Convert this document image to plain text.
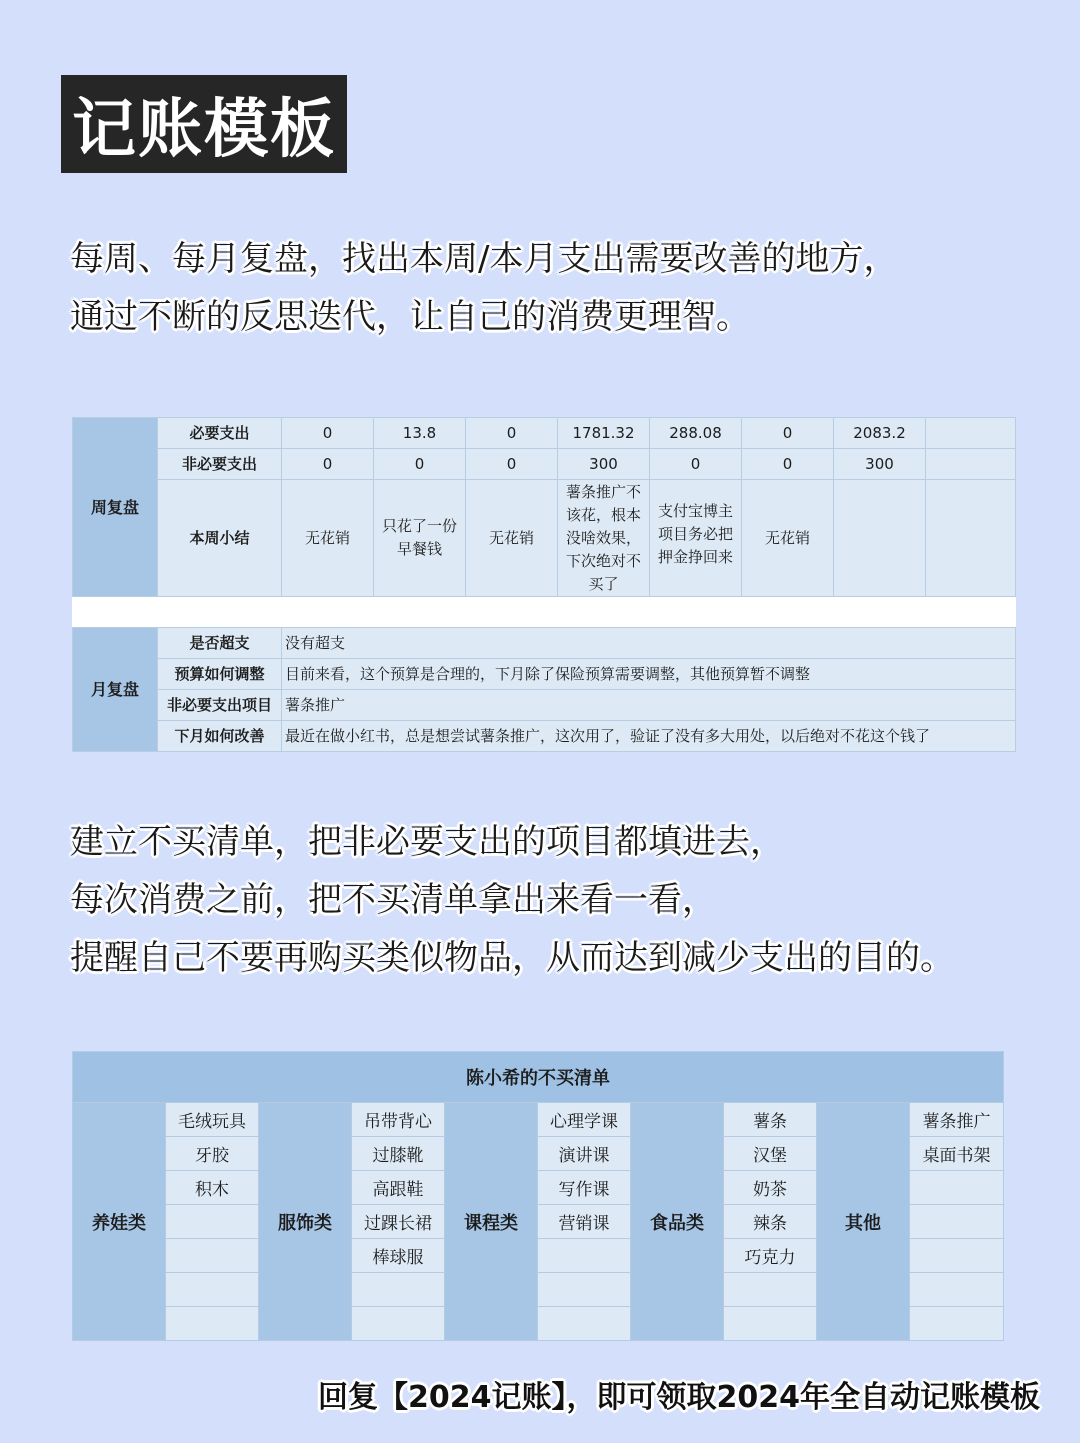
记账模板
每周、每月复盘，找出本周/本月支出需要改善的地方，
通过不断的反思迭代，让自己的消费更理智。
周复盘	必要支出	0	13.8	0	1781.32	288.08	0	2083.2	
	非必要支出	0	0	0	300	0	0	300	
	本周小结	无花销	只花了一份早餐钱	无花销	薯条推广不该花，根本没啥效果，下次绝对不买了	支付宝博主项目务必把押金挣回来	无花销		

月复盘	是否超支	没有超支							
	预算如何调整	目前来看，这个预算是合理的，下月除了保险预算需要调整，其他预算暂不调整							
	非必要支出项目	薯条推广							
	下月如何改善	最近在做小红书，总是想尝试薯条推广，这次用了，验证了没有多大用处，以后绝对不花这个钱了							
建立不买清单，把非必要支出的项目都填进去，
每次消费之前，把不买清单拿出来看一看，
提醒自己不要再购买类似物品，从而达到减少支出的目的。
陈小希的不买清单									
养娃类	毛绒玩具	服饰类	吊带背心	课程类	心理学课	食品类	薯条	其他	薯条推广
	牙胶		过膝靴		演讲课		汉堡		桌面书架
	积木		高跟鞋		写作课		奶茶		
			过踝长裙		营销课		辣条		
			棒球服				巧克力		

回复【2024记账】，即可领取2024年全自动记账模板
